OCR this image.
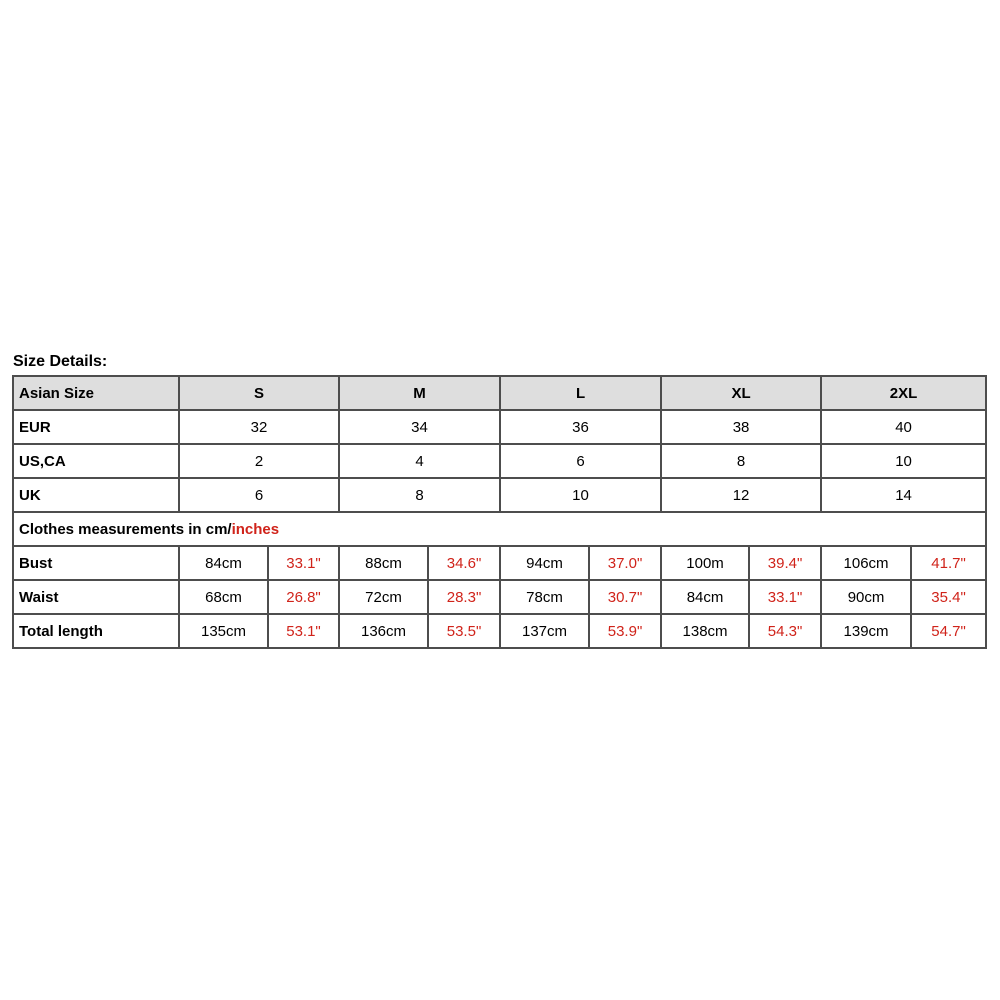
Size Details:
Asian Size	S		M		L		XL		2XL	
EUR	32		34		36		38		40	
US,CA	2		4		6		8		10	
UK	6		8		10		12		14	
Clothes measurements in cm/inches										
Bust	84cm	33.1"	88cm	34.6"	94cm	37.0"	100m	39.4"	106cm	41.7"
Waist	68cm	26.8"	72cm	28.3"	78cm	30.7"	84cm	33.1"	90cm	35.4"
Total length	135cm	53.1"	136cm	53.5"	137cm	53.9"	138cm	54.3"	139cm	54.7"
